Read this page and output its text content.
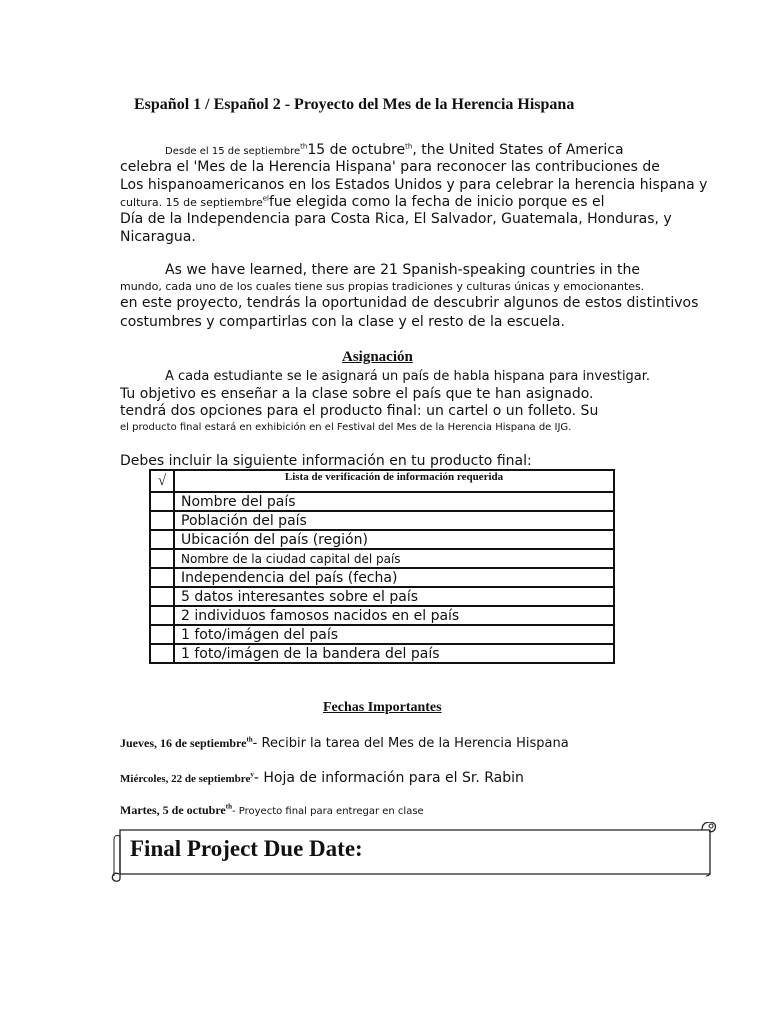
Español 1 / Español 2 - Proyecto del Mes de la Herencia Hispana
Desde el 15 de septiembre$^{th}$15 de octubre$^{th}$, the United States of America
celebra el 'Mes de la Herencia Hispana' para reconocer las contribuciones de
Los hispanoamericanos en los Estados Unidos y para celebrar la herencia hispana y
cultura. 15 de septiembre$^{el}$fue elegida como la fecha de inicio porque es el
Día de la Independencia para Costa Rica, El Salvador, Guatemala, Honduras, y
Nicaragua.
As we have learned, there are 21 Spanish-speaking countries in the
mundo, cada uno de los cuales tiene sus propias tradiciones y culturas únicas y emocionantes.
en este proyecto, tendrás la oportunidad de descubrir algunos de estos distintivos
costumbres y compartirlas con la clase y el resto de la escuela.
Asignación
A cada estudiante se le asignará un país de habla hispana para investigar.
Tu objetivo es enseñar a la clase sobre el país que te han asignado.
tendrá dos opciones para el producto final: un cartel o un folleto. Su
el producto final estará en exhibición en el Festival del Mes de la Herencia Hispana de IJG.
Debes incluir la siguiente información en tu producto final:
√	Lista de verificación de información requerida
	Nombre del país
	Población del país
	Ubicación del país (región)
	Nombre de la ciudad capital del país
	Independencia del país (fecha)
	5 datos interesantes sobre el país
	2 individuos famosos nacidos en el país
	1 foto/imágen del país
	1 foto/imágen de la bandera del país
Fechas Importantes
Jueves, 16 de septiembre$^{th}$- Recibir la tarea del Mes de la Herencia Hispana
Miércoles, 22 de septiembre$^y$- Hoja de información para el Sr. Rabin
Martes, 5 de octubre$^{th}$- Proyecto final para entregar en clase
Final Project Due Date:
